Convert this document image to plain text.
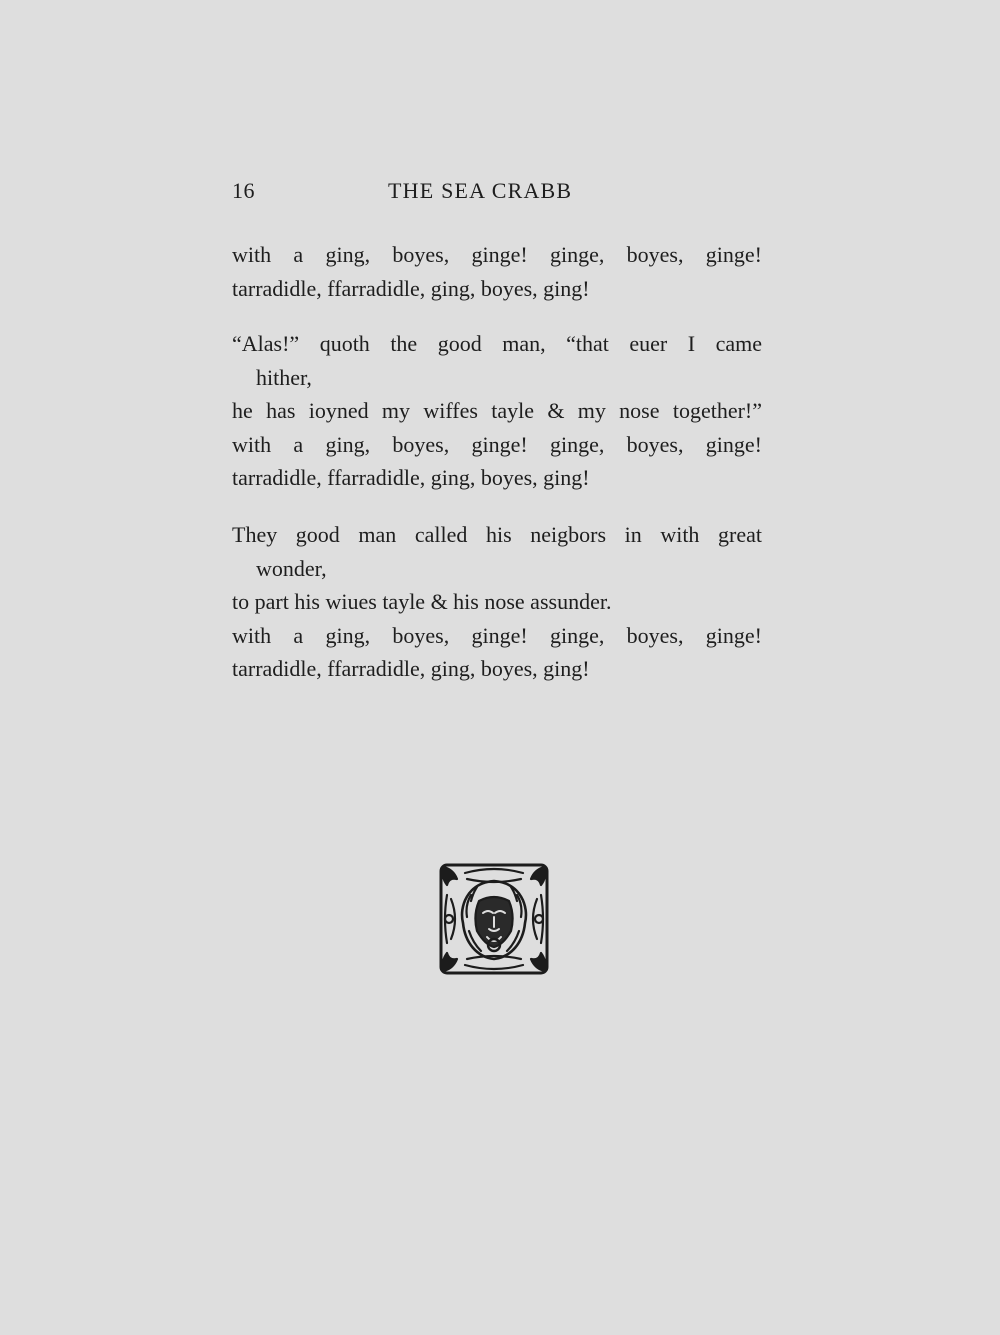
16	THE SEA CRABB
with a ging, boyes, ginge! ginge, boyes, ginge!
tarradidle, ffarradidle, ging, boyes, ging!
“Alas!” quoth the good man, “that euer I came
hither,
he has ioyned my wiffes tayle & my nose together!”
with a ging, boyes, ginge! ginge, boyes, ginge!
tarradidle, ffarradidle, ging, boyes, ging!
They good man called his neigbors in with great
wonder,
to part his wiues tayle & his nose assunder.
with a ging, boyes, ginge! ginge, boyes, ginge!
tarradidle, ffarradidle, ging, boyes, ging!
